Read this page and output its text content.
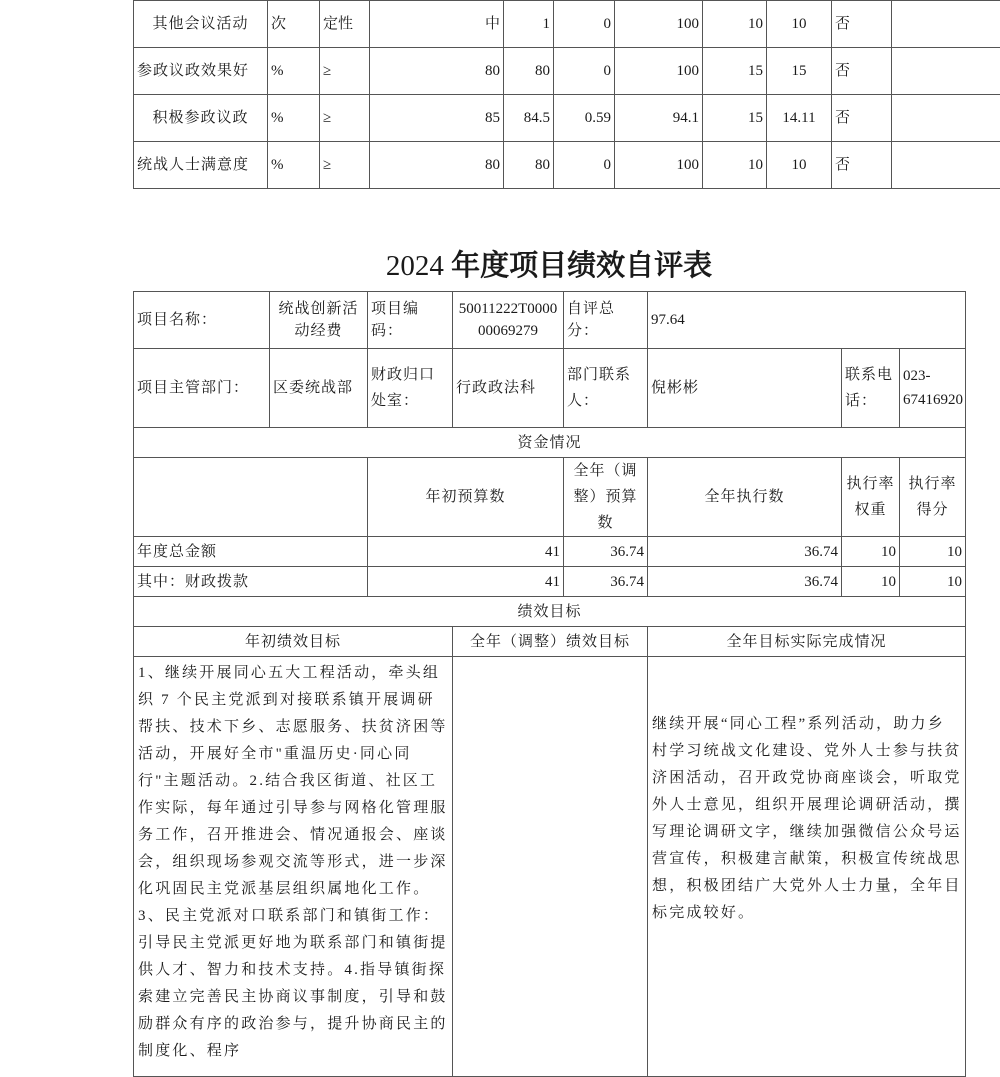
其他会议活动	次	定性	中	1	0	100	10	10	否	
参政议政效果好	%	≥	80	80	0	100	15	15	否	
积极参政议政	%	≥	85	84.5	0.59	94.1	15	14.11	否	
统战人士满意度	%	≥	80	80	0	100	10	10	否	
2024 年度项目绩效自评表
项目名称：	统战创新活动经费	项目编码：	50011222T000000069279	自评总分：	97.64		
项目主管部门：	区委统战部	财政归口处室：	行政政法科	部门联系人：	倪彬彬	联系电话：	023-67416920
资金情况							
		年初预算数		全年（调整）预算数	全年执行数	执行率权重	执行率得分
年度总金额		41		36.74	36.74	10	10
其中：财政拨款		41		36.74	36.74	10	10
绩效目标							
年初绩效目标			全年（调整）绩效目标		全年目标实际完成情况		
1、继续开展同心五大工程活动，牵头组织 7 个民主党派到对接联系镇开展调研帮扶、技术下乡、志愿服务、扶贫济困等活动，开展好全市"重温历史·同心同行"主题活动。2.结合我区街道、社区工作实际，每年通过引导参与网格化管理服务工作，召开推进会、情况通报会、座谈会，组织现场参观交流等形式，进一步深化巩固民主党派基层组织属地化工作。3、民主党派对口联系部门和镇街工作：引导民主党派更好地为联系部门和镇街提供人才、智力和技术支持。4.指导镇街探索建立完善民主协商议事制度，引导和鼓励群众有序的政治参与，提升协商民主的制度化、程序					继续开展“同心工程”系列活动，助力乡村学习统战文化建设、党外人士参与扶贫济困活动，召开政党协商座谈会，听取党外人士意见，组织开展理论调研活动，撰写理论调研文字，继续加强微信公众号运营宣传，积极建言献策，积极宣传统战思想，积极团结广大党外人士力量，全年目标完成较好。		
